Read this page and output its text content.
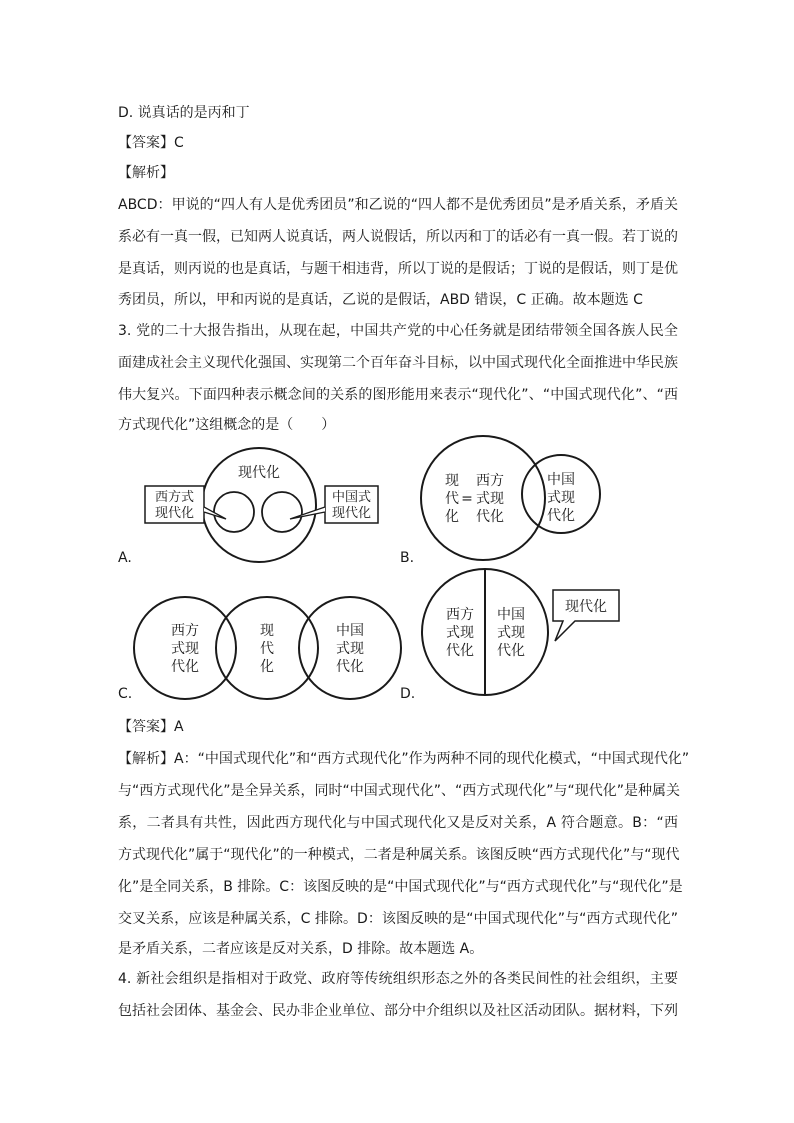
D. 说真话的是丙和丁
【答案】C
【解析】
ABCD：甲说的“四人有人是优秀团员”和乙说的“四人都不是优秀团员”是矛盾关系，矛盾关
系必有一真一假，已知两人说真话，两人说假话，所以丙和丁的话必有一真一假。若丁说的
是真话，则丙说的也是真话，与题干相违背，所以丁说的是假话；丁说的是假话，则丁是优
秀团员，所以，甲和丙说的是真话，乙说的是假话，ABD 错误，C 正确。故本题选 C
3. 党的二十大报告指出，从现在起，中国共产党的中心任务就是团结带领全国各族人民全
面建成社会主义现代化强国、实现第二个百年奋斗目标，以中国式现代化全面推进中华民族
伟大复兴。下面四种表示概念间的关系的图形能用来表示“现代化”、“中国式现代化”、“西
方式现代化”这组概念的是（　　）
现代化
西方式
现代化
中国式
现代化
A.
现
代
化
=
西方
式现
代化
中国
式现
代化
B.
西方
式现
代化
现
代
化
中国
式现
代化
C.
西方
式现
代化
中国
式现
代化
现代化
D.
【答案】A
【解析】A：“中国式现代化”和“西方式现代化”作为两种不同的现代化模式，“中国式现代化”
与“西方式现代化”是全异关系，同时“中国式现代化”、“西方式现代化”与“现代化”是种属关
系，二者具有共性，因此西方现代化与中国式现代化又是反对关系，A 符合题意。B：“西
方式现代化”属于“现代化”的一种模式，二者是种属关系。该图反映“西方式现代化”与“现代
化”是全同关系，B 排除。C：该图反映的是“中国式现代化”与“西方式现代化”与“现代化”是
交叉关系，应该是种属关系，C 排除。D：该图反映的是“中国式现代化”与“西方式现代化”
是矛盾关系，二者应该是反对关系，D 排除。故本题选 A。
4. 新社会组织是指相对于政党、政府等传统组织形态之外的各类民间性的社会组织，主要
包括社会团体、基金会、民办非企业单位、部分中介组织以及社区活动团队。据材料，下列
